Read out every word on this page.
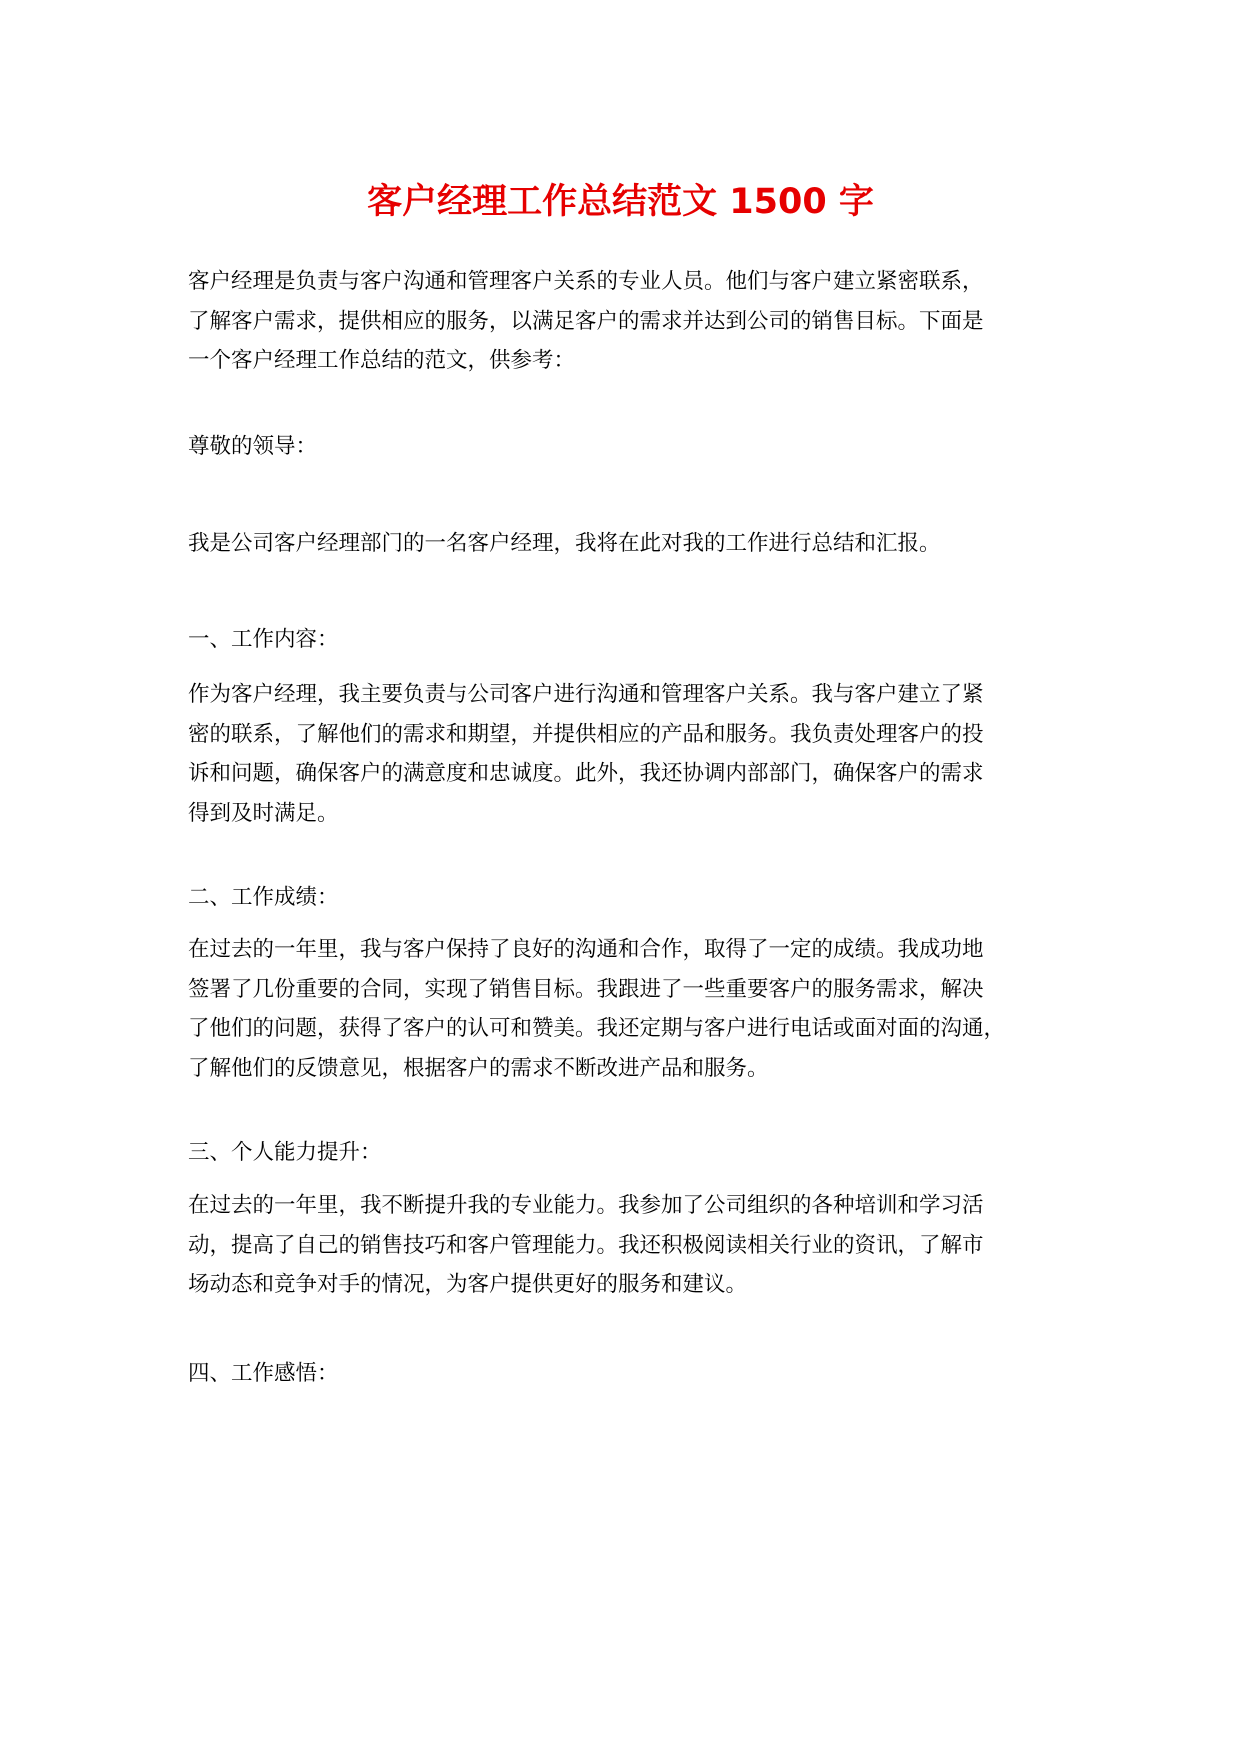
客户经理工作总结范文 1500 字

客户经理是负责与客户沟通和管理客户关系的专业人员。他们与客户建立紧密联系，
了解客户需求，提供相应的服务，以满足客户的需求并达到公司的销售目标。下面是
一个客户经理工作总结的范文，供参考：

尊敬的领导：

我是公司客户经理部门的一名客户经理，我将在此对我的工作进行总结和汇报。

一、工作内容：

作为客户经理，我主要负责与公司客户进行沟通和管理客户关系。我与客户建立了紧
密的联系，了解他们的需求和期望，并提供相应的产品和服务。我负责处理客户的投
诉和问题，确保客户的满意度和忠诚度。此外，我还协调内部部门，确保客户的需求
得到及时满足。

二、工作成绩：

在过去的一年里，我与客户保持了良好的沟通和合作，取得了一定的成绩。我成功地
签署了几份重要的合同，实现了销售目标。我跟进了一些重要客户的服务需求，解决
了他们的问题，获得了客户的认可和赞美。我还定期与客户进行电话或面对面的沟通，
了解他们的反馈意见，根据客户的需求不断改进产品和服务。

三、个人能力提升：

在过去的一年里，我不断提升我的专业能力。我参加了公司组织的各种培训和学习活
动，提高了自己的销售技巧和客户管理能力。我还积极阅读相关行业的资讯，了解市
场动态和竞争对手的情况，为客户提供更好的服务和建议。

四、工作感悟：
